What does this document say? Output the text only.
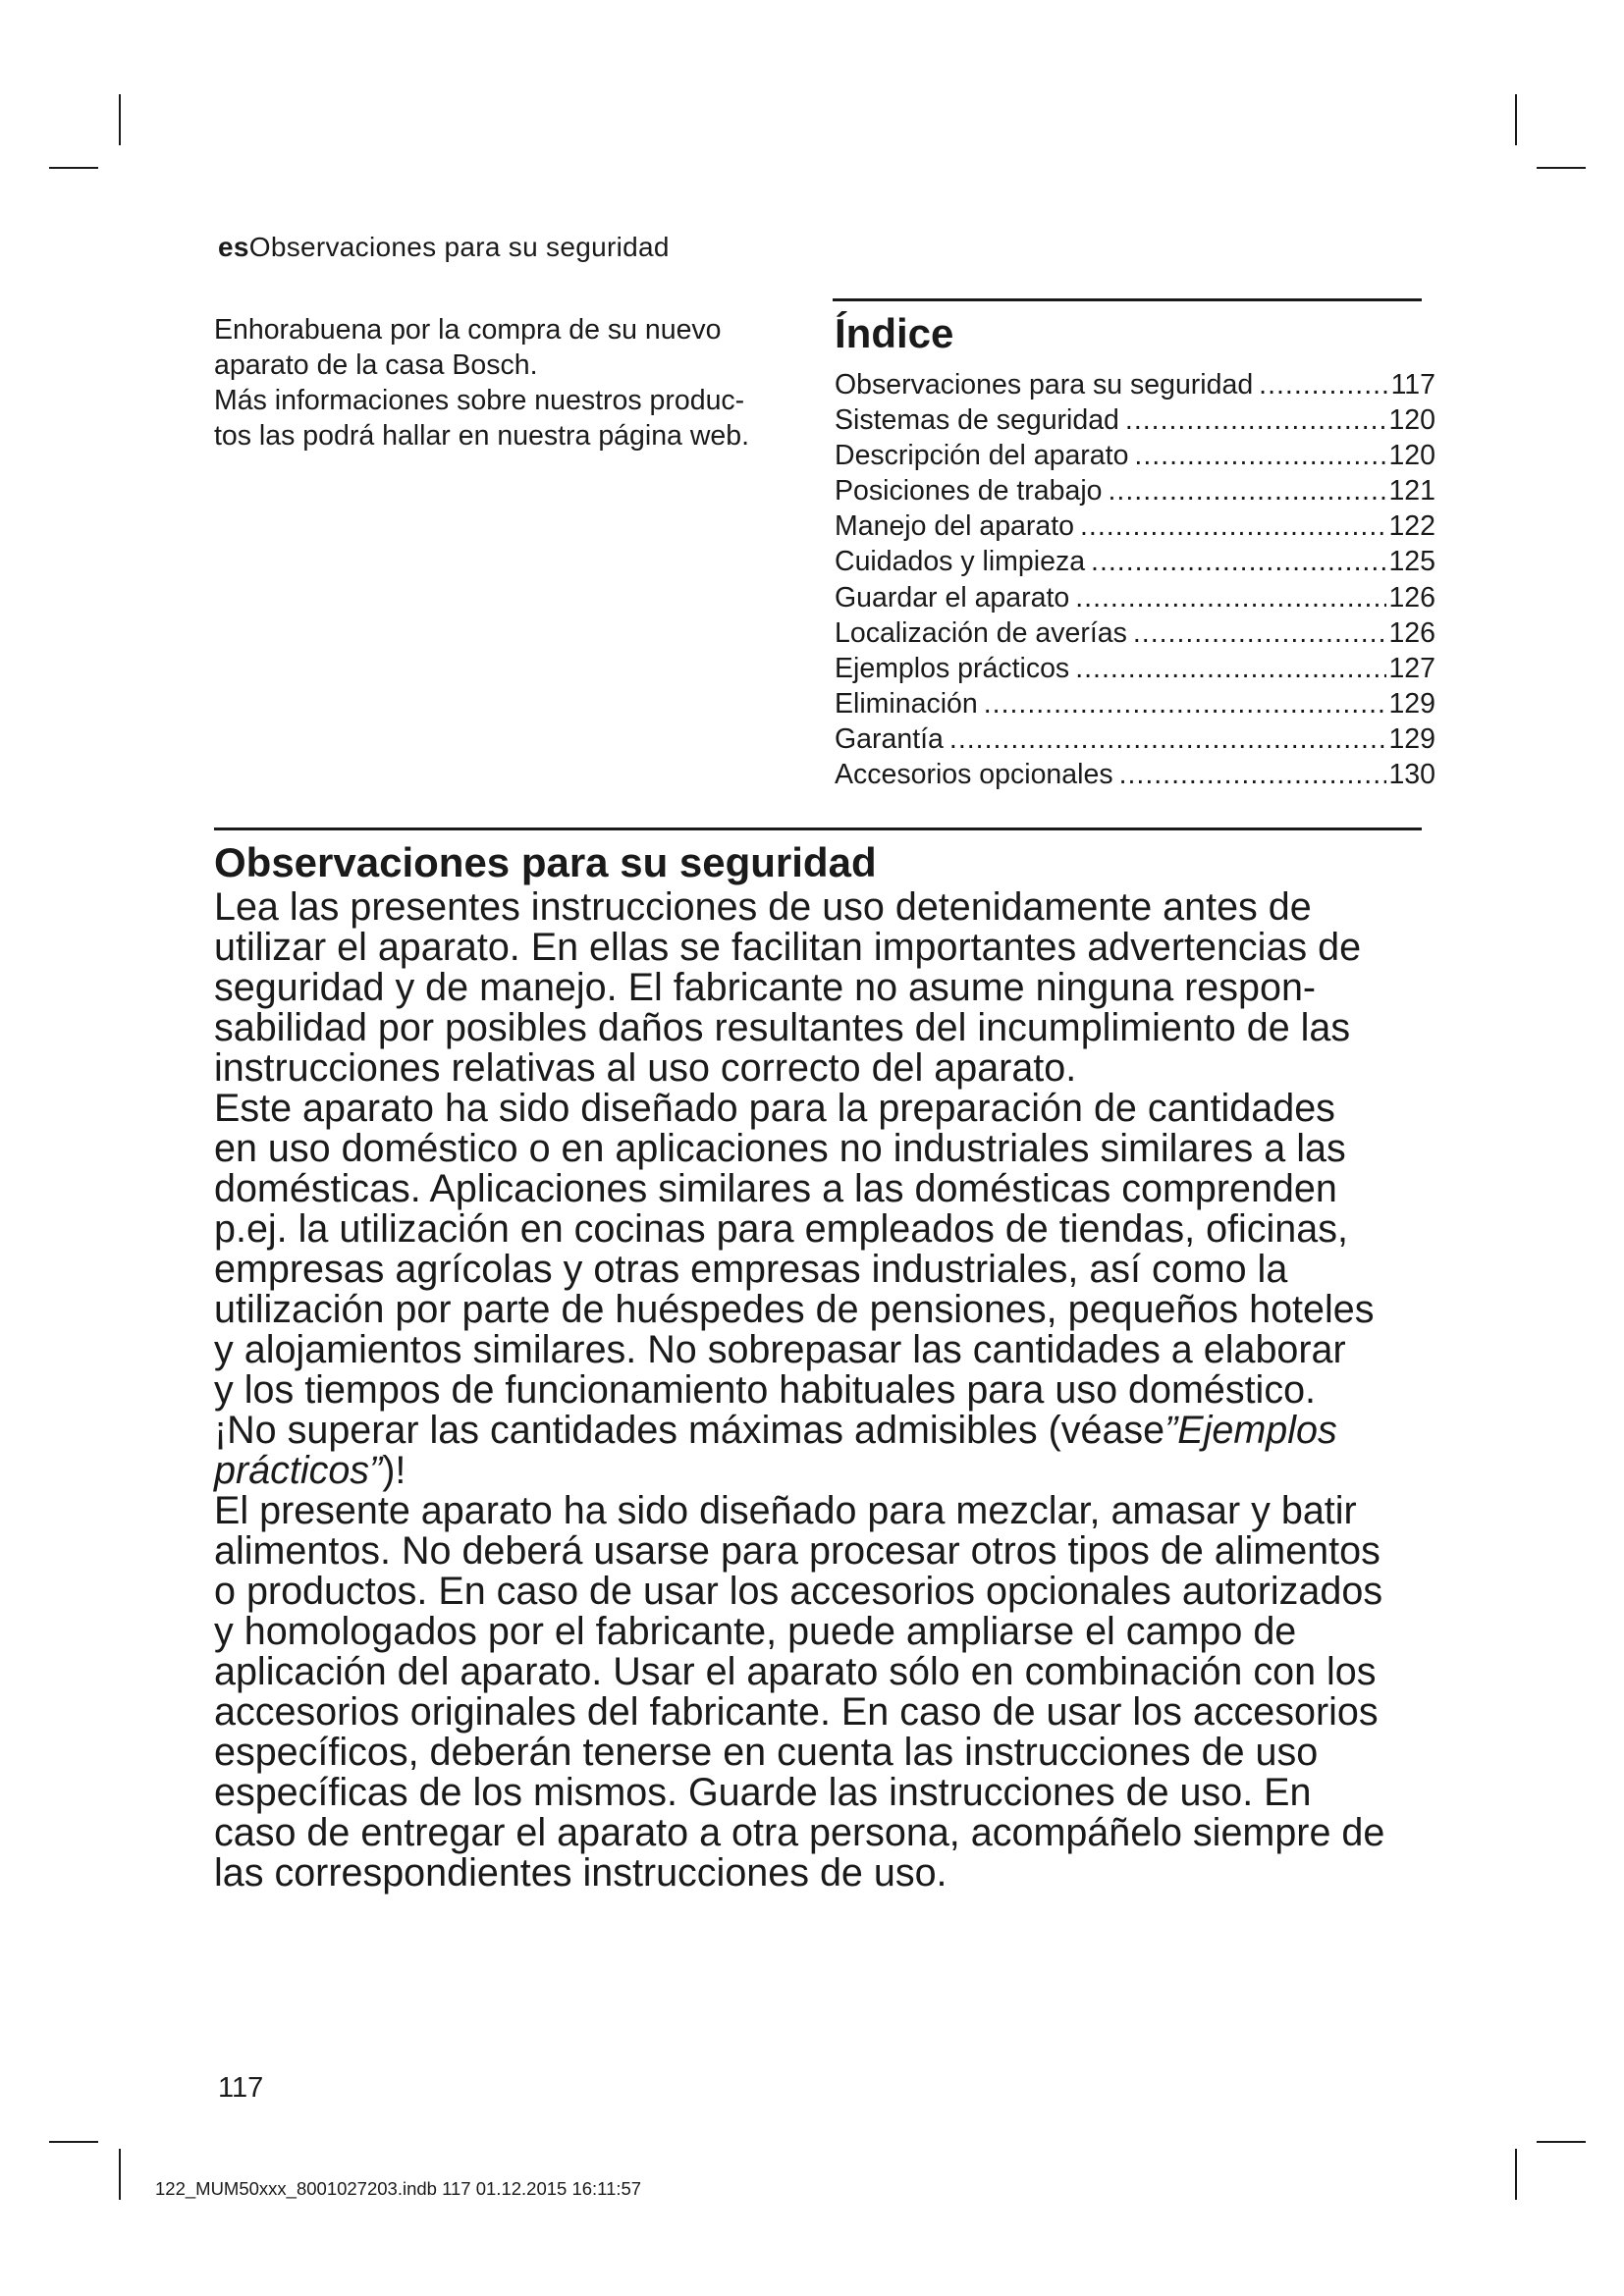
esObservaciones para su seguridad

Enhorabuena por la compra de su nuevo

aparato de la casa Bosch.

Más informaciones sobre nuestros produc-

tos las podrá hallar en nuestra página web.

Índice
Observaciones para su seguridad .....	117
Sistemas de seguridad .....	120
Descripción del aparato .....	120
Posiciones de trabajo .....	121
Manejo del aparato .....	122
Cuidados y limpieza .....	125
Guardar el aparato .....	126
Localización de averías .....	126
Ejemplos prácticos .....	127
Eliminación .....	129
Garantía .....	129
Accesorios opcionales .....	130
Observaciones para su seguridad

Lea las presentes instrucciones de uso detenidamente antes de

utilizar el aparato. En ellas se facilitan importantes advertencias de

seguridad y de manejo. El fabricante no asume ninguna respon-

sabilidad por posibles daños resultantes del incumplimiento de las

instrucciones relativas al uso correcto del aparato.

Este aparato ha sido diseñado para la preparación de cantidades

en uso doméstico o en aplicaciones no industriales similares a las

domésticas. Aplicaciones similares a las domésticas comprenden

p.ej. la utilización en cocinas para empleados de tiendas, oficinas,

empresas agrícolas y otras empresas industriales, así como la

utilización por parte de huéspedes de pensiones, pequeños hoteles

y alojamientos similares. No sobrepasar las cantidades a elaborar

y los tiempos de funcionamiento habituales para uso doméstico.

¡No superar las cantidades máximas admisibles (véase”Ejemplos

prácticos”)!

El presente aparato ha sido diseñado para mezclar, amasar y batir

alimentos. No deberá usarse para procesar otros tipos de alimentos

o productos. En caso de usar los accesorios opcionales autorizados

y homologados por el fabricante, puede ampliarse el campo de

aplicación del aparato. Usar el aparato sólo en combinación con los

accesorios originales del fabricante. En caso de usar los accesorios

específicos, deberán tenerse en cuenta las instrucciones de uso

específicas de los mismos. Guarde las instrucciones de uso. En

caso de entregar el aparato a otra persona, acompáñelo siempre de

las correspondientes instrucciones de uso.

117
122_MUM50xxx_8001027203.indb 117 01.12.2015 16:11:57
